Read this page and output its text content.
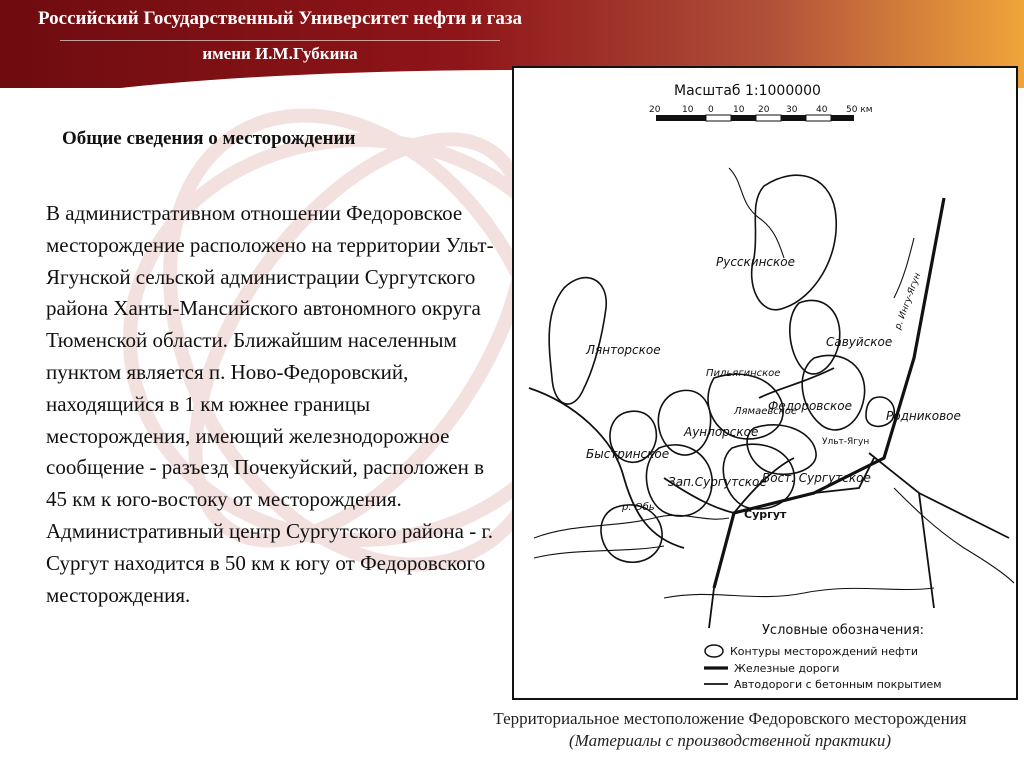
Российский Государственный Университет нефти и газа
имени И.М.Губкина
Общие сведения о месторождении

В административном отношении Федоровское месторождение расположено на территории Ульт-Ягунской сельской администрации Сургутского района Ханты-Мансийского автономного округа Тюменской области. Ближайшим населенным пунктом является п. Ново-Федоровский, находящийся в 1 км южнее границы месторождения, имеющий железнодорожное сообщение - разъезд Почекуйский, расположен в 45 км к юго-востоку от месторождения. Административный центр Сургутского района - г. Сургут находится в 50 км к югу от Федоровского месторождения.

Масштаб 1:1000000
20 10 0 10 20 30 40 50 км
Русскинское
Лянторское
Савуйское
Пильягинское
Федоровское
Родниковое
Лямаевское
Аунлорское
Ульт-Ягун
Быстринское
Зап.Сургутское
Вост. Сургутское
Сургут
р. Обь
р. Ингу-Ягун
Условные обозначения:
Контуры месторождений нефти
Железные дороги
Автодороги с бетонным покрытием
Территориальное местоположение Федоровского месторождения
(Материалы с производственной практики)
